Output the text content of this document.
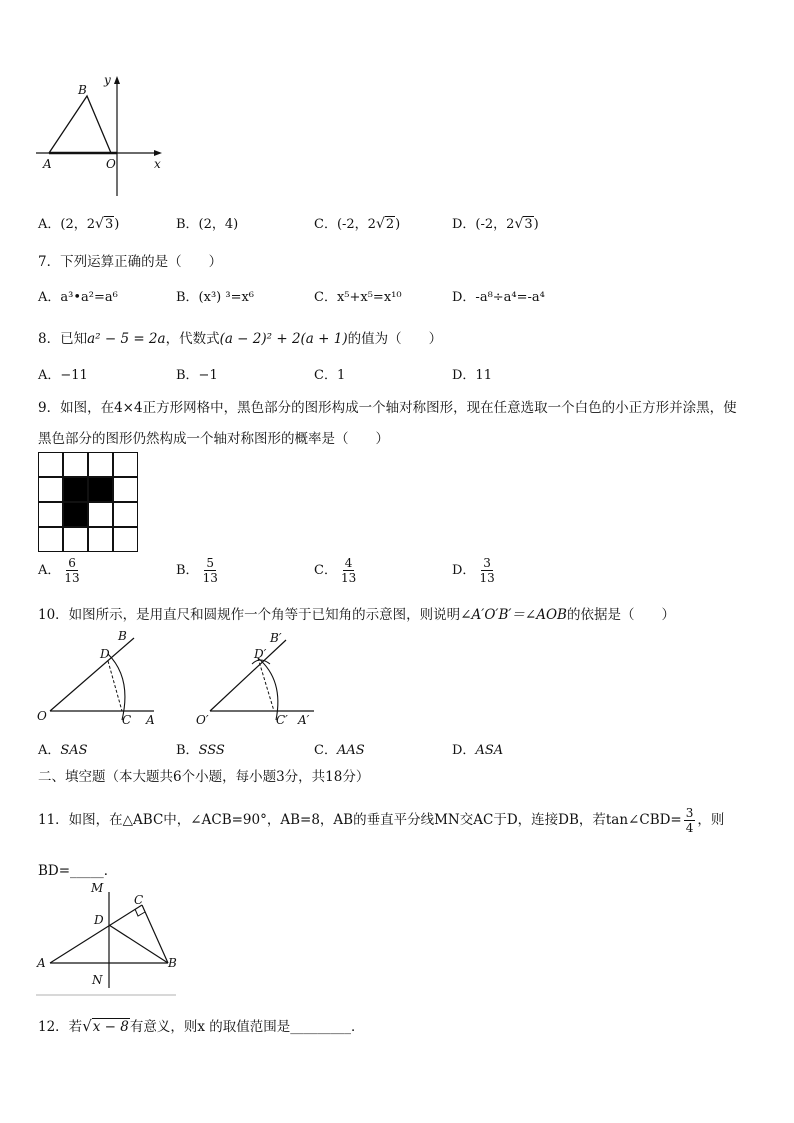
y
B
A	O	x
A．(2，2√3)	B．(2，4)	C．(-2，2√2)	D．(-2，2√3)
7．下列运算正确的是（　　）
A．a³•a²=a⁶	B．(x³) ³=x⁶	C．x⁵+x⁵=x¹⁰	D．-a⁸÷a⁴=-a⁴
8．已知a² − 5 = 2a，代数式(a − 2)² + 2(a + 1)的值为（　　）
A．−11	B．−1	C．1	D．11
9．如图，在4×4正方形网格中，黑色部分的图形构成一个轴对称图形，现在任意选取一个白色的小正方形并涂黑，使
黑色部分的图形仍然构成一个轴对称图形的概率是（　　）
A． $\frac{6}{13}$	B． $\frac{5}{13}$	C． $\frac{4}{13}$	D． $\frac{3}{13}$
10．如图所示，是用直尺和圆规作一个角等于已知角的示意图，则说明∠A′O′B′＝∠AOB的依据是（　　）
B
D
O	C A
B′
D′
O′	C′ A′
A．SAS	B．SSS	C．AAS	D．ASA
二、填空题（本大题共6个小题，每小题3分，共18分）
11．如图，在△ABC中，∠ACB=90°，AB=8，AB的垂直平分线MN交AC于D，连接DB，若tan∠CBD= $\frac{3}{4}$ ，则
BD=_____．
M
C
D
A	B
N
12．若√x − 8有意义，则x 的取值范围是_________．
